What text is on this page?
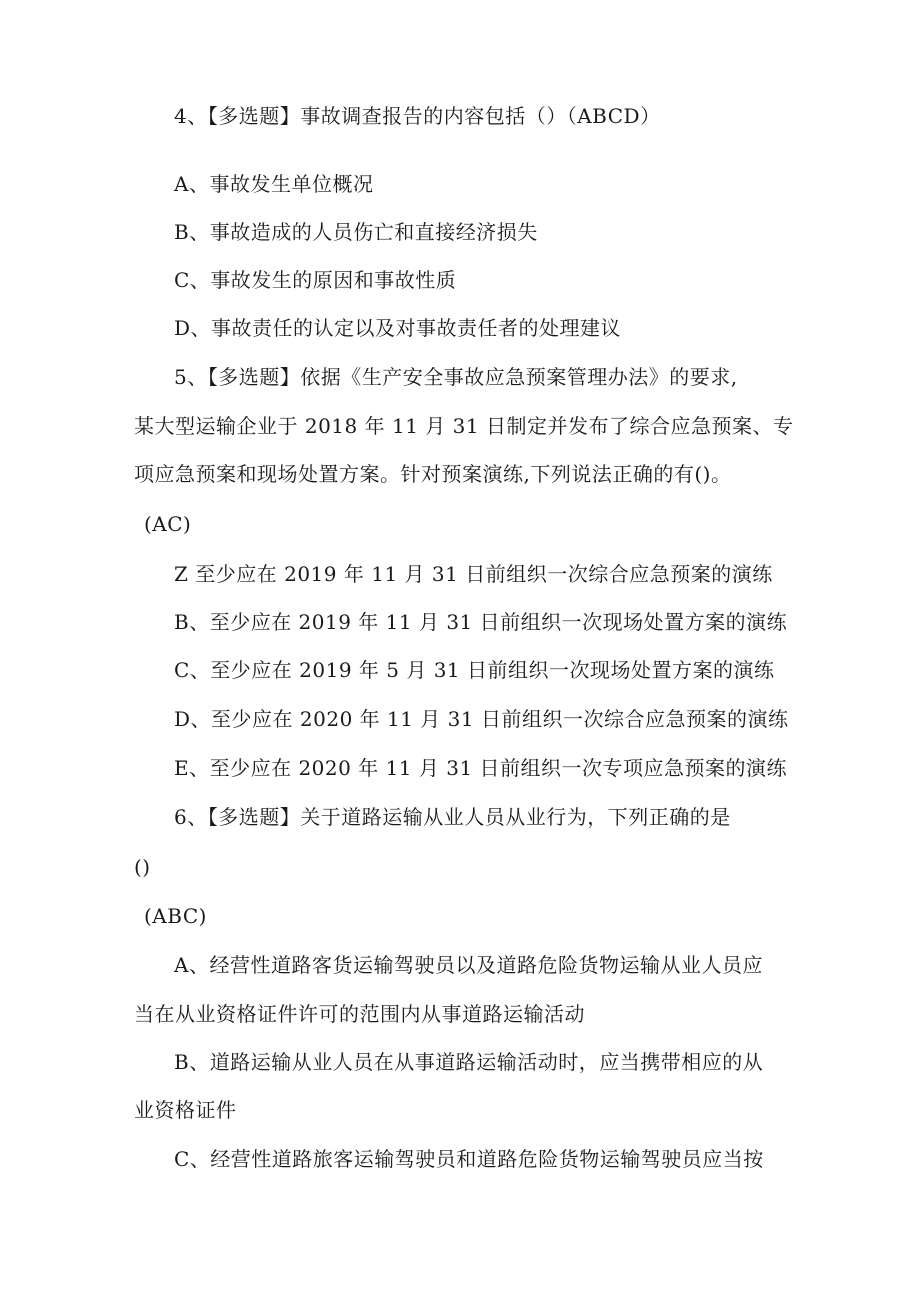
4、【多选题】事故调查报告的内容包括（）（ABCD）
A、事故发生单位概况
B、事故造成的人员伤亡和直接经济损失
C、事故发生的原因和事故性质
D、事故责任的认定以及对事故责任者的处理建议
5、【多选题】依据《生产安全事故应急预案管理办法》的要求,
某大型运输企业于 2018 年 11 月 31 日制定并发布了综合应急预案、专
项应急预案和现场处置方案。针对预案演练,下列说法正确的有()。
(AC)
Z 至少应在 2019 年 11 月 31 日前组织一次综合应急预案的演练
B、至少应在 2019 年 11 月 31 日前组织一次现场处置方案的演练
C、至少应在 2019 年 5 月 31 日前组织一次现场处置方案的演练
D、至少应在 2020 年 11 月 31 日前组织一次综合应急预案的演练
E、至少应在 2020 年 11 月 31 日前组织一次专项应急预案的演练
6、【多选题】关于道路运输从业人员从业行为，下列正确的是
()
(ABC)
A、经营性道路客货运输驾驶员以及道路危险货物运输从业人员应
当在从业资格证件许可的范围内从事道路运输活动
B、道路运输从业人员在从事道路运输活动时，应当携带相应的从
业资格证件
C、经营性道路旅客运输驾驶员和道路危险货物运输驾驶员应当按
